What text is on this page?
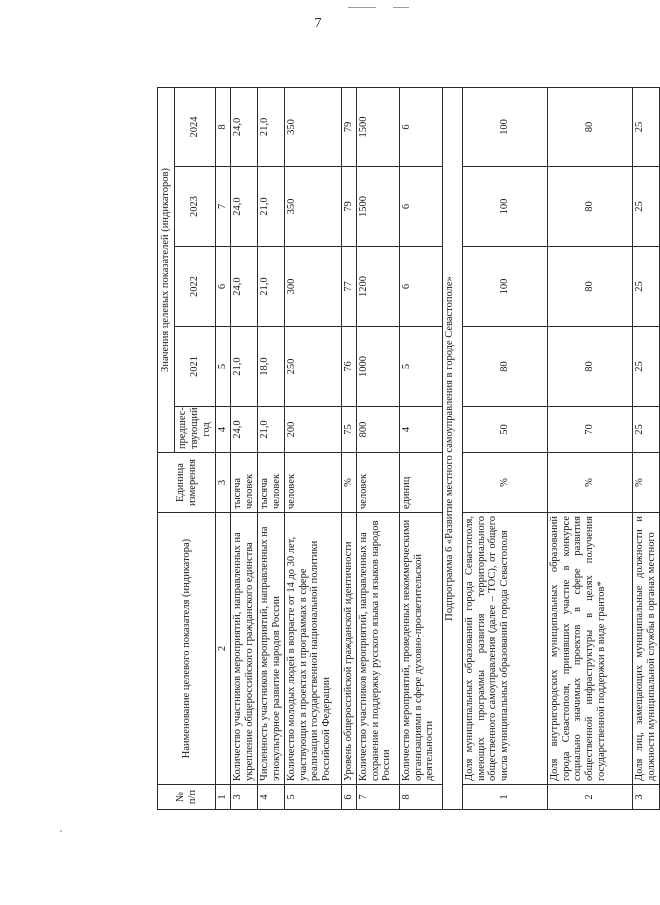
7
№ п/п	Наименование целевого показателя (индикатора)	Единица измерения	Значения целевых показателей (индикаторов)				
			предшес-твующий год	2021	2022	2023	2024
1	2	3	4	5	6	7	8
3	Количество участников мероприятий, направленных на укрепление общероссийского гражданского единства	тысяча человек	24,0	21,0	24,0	24,0	24,0
4	Численность участников мероприятий, направленных на этнокультурное развитие народов России	тысяча человек	21,0	18,0	21,0	21,0	21,0
5	Количество молодых людей в возрасте от 14 до 30 лет, участвующих в проектах и программах в сфере реализации государственной национальной политики Российской Федерации	человек	200	250	300	350	350
6	Уровень общероссийской гражданской идентичности	%	75	76	77	79	79
7	Количество участников мероприятий, направленных на сохранение и поддержку русского языка и языков народов России	человек	800	1000	1200	1500	1500
8	Количество мероприятий, проведенных некоммерческими организациями в сфере духовно-просветительской деятельности	единиц	4	5	6	6	6
Подпрограмма 6 «Развитие местного самоуправления в городе Севастополе»							
1	Доля муниципальных образований города Севастополя, имеющих программы развития территориального общественного самоуправления (далее – ТОС), от общего числа муниципальных образований города Севастополя	%	50	80	100	100	100
2	Доля внутригородских муниципальных образований города Севастополя, принявших участие в конкурсе социально значимых проектов в сфере развития общественной инфраструктуры в целях получения государственной поддержки в виде грантов*	%	70	80	80	80	80
3	Доля лиц, замещающих муниципальные должности и должности муниципальной службы в органах местного	%	25	25	25	25	25
